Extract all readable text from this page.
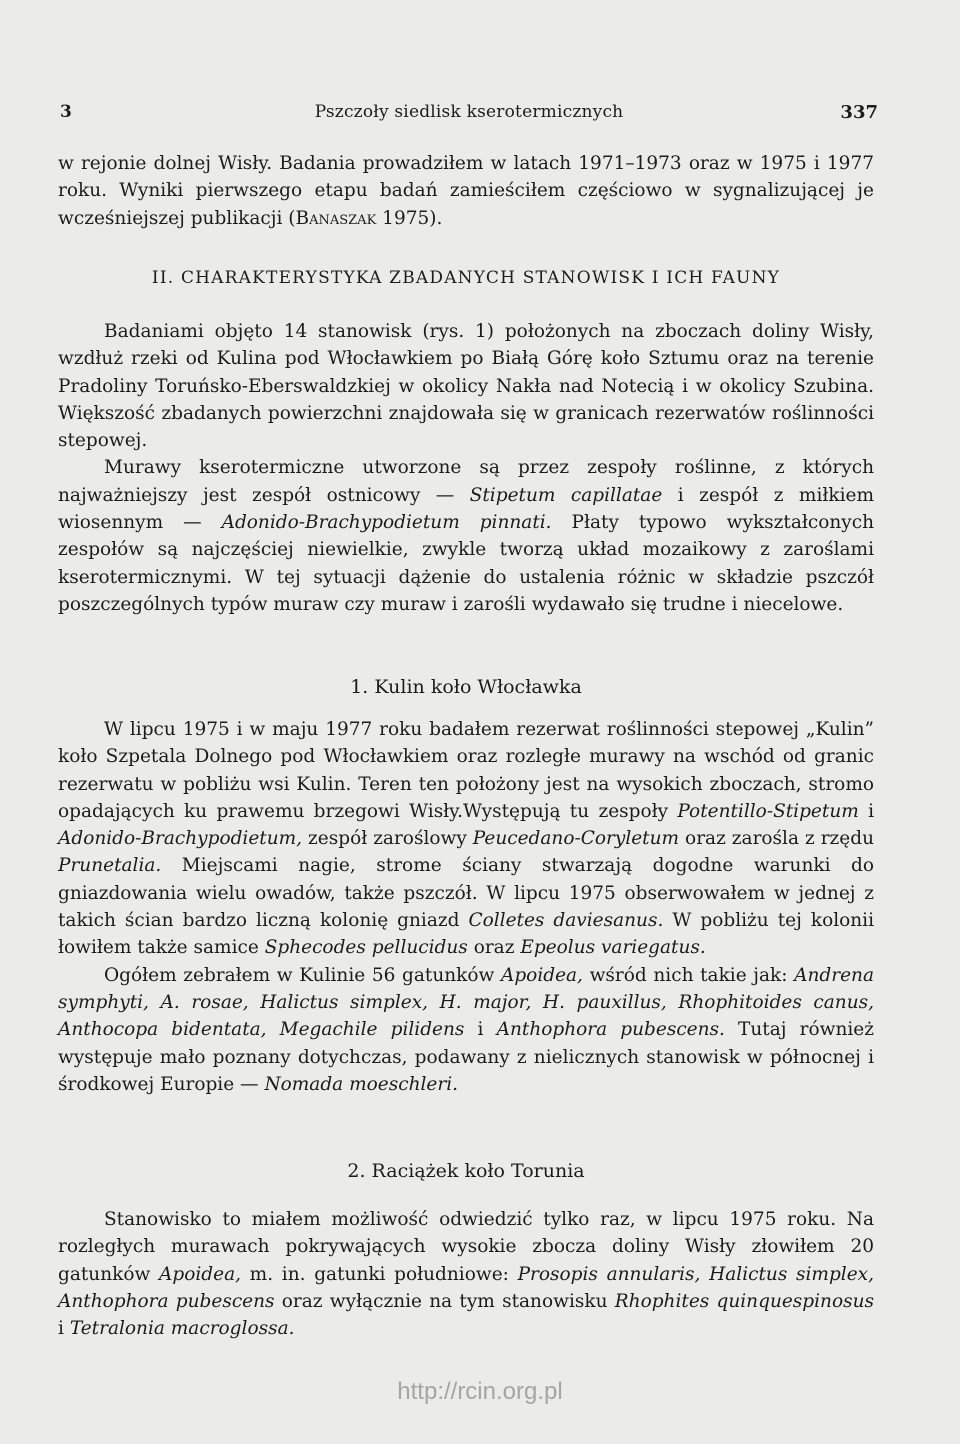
3	Pszczoły siedlisk kserotermicznych	337

w rejonie dolnej Wisły. Badania prowadziłem w latach 1971–1973 oraz w 1975 i 1977 roku. Wyniki pierwszego etapu badań zamieściłem częściowo w sygnalizującej je wcześniejszej publikacji (Banaszak 1975).

II. CHARAKTERYSTYKA ZBADANYCH STANOWISK I ICH FAUNY

Badaniami objęto 14 stanowisk (rys. 1) położonych na zboczach doliny Wisły, wzdłuż rzeki od Kulina pod Włocławkiem po Białą Górę koło Sztumu oraz na terenie Pradoliny Toruńsko-Eberswaldzkiej w okolicy Nakła nad Notecią i w okolicy Szubina. Większość zbadanych powierzchni znajdowała się w granicach rezerwatów roślinności stepowej.

Murawy kserotermiczne utworzone są przez zespoły roślinne, z których najważniejszy jest zespół ostnicowy — Stipetum capillatae i zespół z miłkiem wiosennym — Adonido-Brachypodietum pinnati. Płaty typowo wykształconych zespołów są najczęściej niewielkie, zwykle tworzą układ mozaikowy z zaroślami kserotermicznymi. W tej sytuacji dążenie do ustalenia różnic w składzie pszczół poszczególnych typów muraw czy muraw i zarośli wydawało się trudne i niecelowe.

1. Kulin koło Włocławka

W lipcu 1975 i w maju 1977 roku badałem rezerwat roślinności stepowej „Kulin” koło Szpetala Dolnego pod Włocławkiem oraz rozległe murawy na wschód od granic rezerwatu w pobliżu wsi Kulin. Teren ten położony jest na wysokich zboczach, stromo opadających ku prawemu brzegowi Wisły.Występują tu zespoły Potentillo-Stipetum i Adonido-Brachypodietum, zespół zaroślowy Peucedano-Coryletum oraz zarośla z rzędu Prunetalia. Miejscami nagie, strome ściany stwarzają dogodne warunki do gniazdowania wielu owadów, także pszczół. W lipcu 1975 obserwowałem w jednej z takich ścian bardzo liczną kolonię gniazd Colletes daviesanus. W pobliżu tej kolonii łowiłem także samice Sphecodes pellucidus oraz Epeolus variegatus.

Ogółem zebrałem w Kulinie 56 gatunków Apoidea, wśród nich takie jak: Andrena symphyti, A. rosae, Halictus simplex, H. major, H. pauxillus, Rhophitoides canus, Anthocopa bidentata, Megachile pilidens i Anthophora pubescens. Tutaj również występuje mało poznany dotychczas, podawany z nielicznych stanowisk w północnej i środkowej Europie — Nomada moeschleri.

2. Raciążek koło Torunia

Stanowisko to miałem możliwość odwiedzić tylko raz, w lipcu 1975 roku. Na rozległych murawach pokrywających wysokie zbocza doliny Wisły złowiłem 20 gatunków Apoidea, m. in. gatunki południowe: Prosopis annularis, Halictus simplex, Anthophora pubescens oraz wyłącznie na tym stanowisku Rhophites quinquespinosus i Tetralonia macroglossa.

http://rcin.org.pl
